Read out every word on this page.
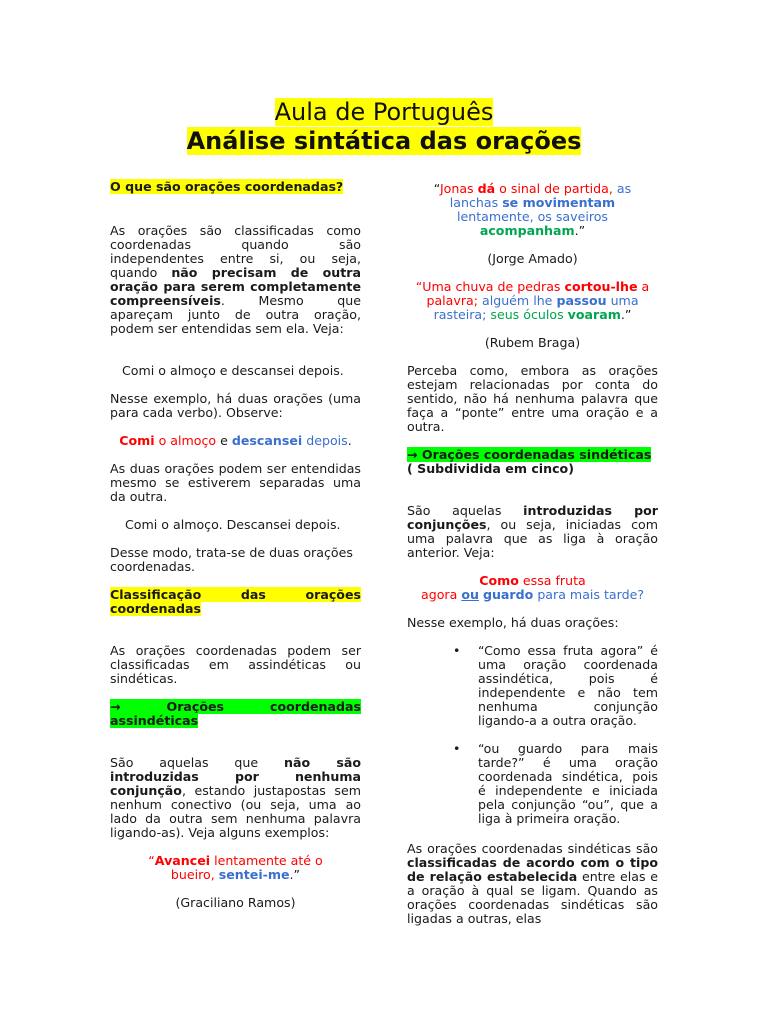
Aula de Português
Análise sintática das orações
O que são orações coordenadas?

As orações são classificadas como coordenadas quando são independentes entre si, ou seja, quando não precisam de outra oração para serem completamente compreensíveis. Mesmo que apareçam junto de outra oração, podem ser entendidas sem ela. Veja:

Comi o almoço e descansei depois.

Nesse exemplo, há duas orações (uma para cada verbo). Observe:

Comi o almoço e descansei depois.

As duas orações podem ser entendidas mesmo se estiverem separadas uma da outra.

Comi o almoço. Descansei depois.

Desse modo, trata-se de duas orações coordenadas.

Classificação das orações coordenadas

As orações coordenadas podem ser classificadas em assindéticas ou sindéticas.

→ Orações coordenadas assindéticas

São aquelas que não são introduzidas por nenhuma conjunção, estando justapostas sem nenhum conectivo (ou seja, uma ao lado da outra sem nenhuma palavra ligando-as). Veja alguns exemplos:

“Avancei lentamente até o bueiro, sentei-me.”

(Graciliano Ramos)

“Jonas dá o sinal de partida, as lanchas se movimentam lentamente, os saveiros acompanham.”

(Jorge Amado)

“Uma chuva de pedras cortou-lhe a palavra; alguém lhe passou uma rasteira; seus óculos voaram.”

(Rubem Braga)

Perceba como, embora as orações estejam relacionadas por conta do sentido, não há nenhuma palavra que faça a “ponte” entre uma oração e a outra.

→ Orações coordenadas sindéticas
( Subdividida em cinco)

São aquelas introduzidas por conjunções, ou seja, iniciadas com uma palavra que as liga à oração anterior. Veja:

Como essa fruta
agora ou guardo para mais tarde?

Nesse exemplo, há duas orações:

• “Como essa fruta agora” é uma oração coordenada assindética, pois é independente e não tem nenhuma conjunção ligando-a a outra oração.
• “ou guardo para mais tarde?” é uma oração coordenada sindética, pois é independente e iniciada pela conjunção “ou”, que a liga à primeira oração.

As orações coordenadas sindéticas são classificadas de acordo com o tipo de relação estabelecida entre elas e a oração à qual se ligam. Quando as orações coordenadas sindéticas são ligadas a outras, elas
